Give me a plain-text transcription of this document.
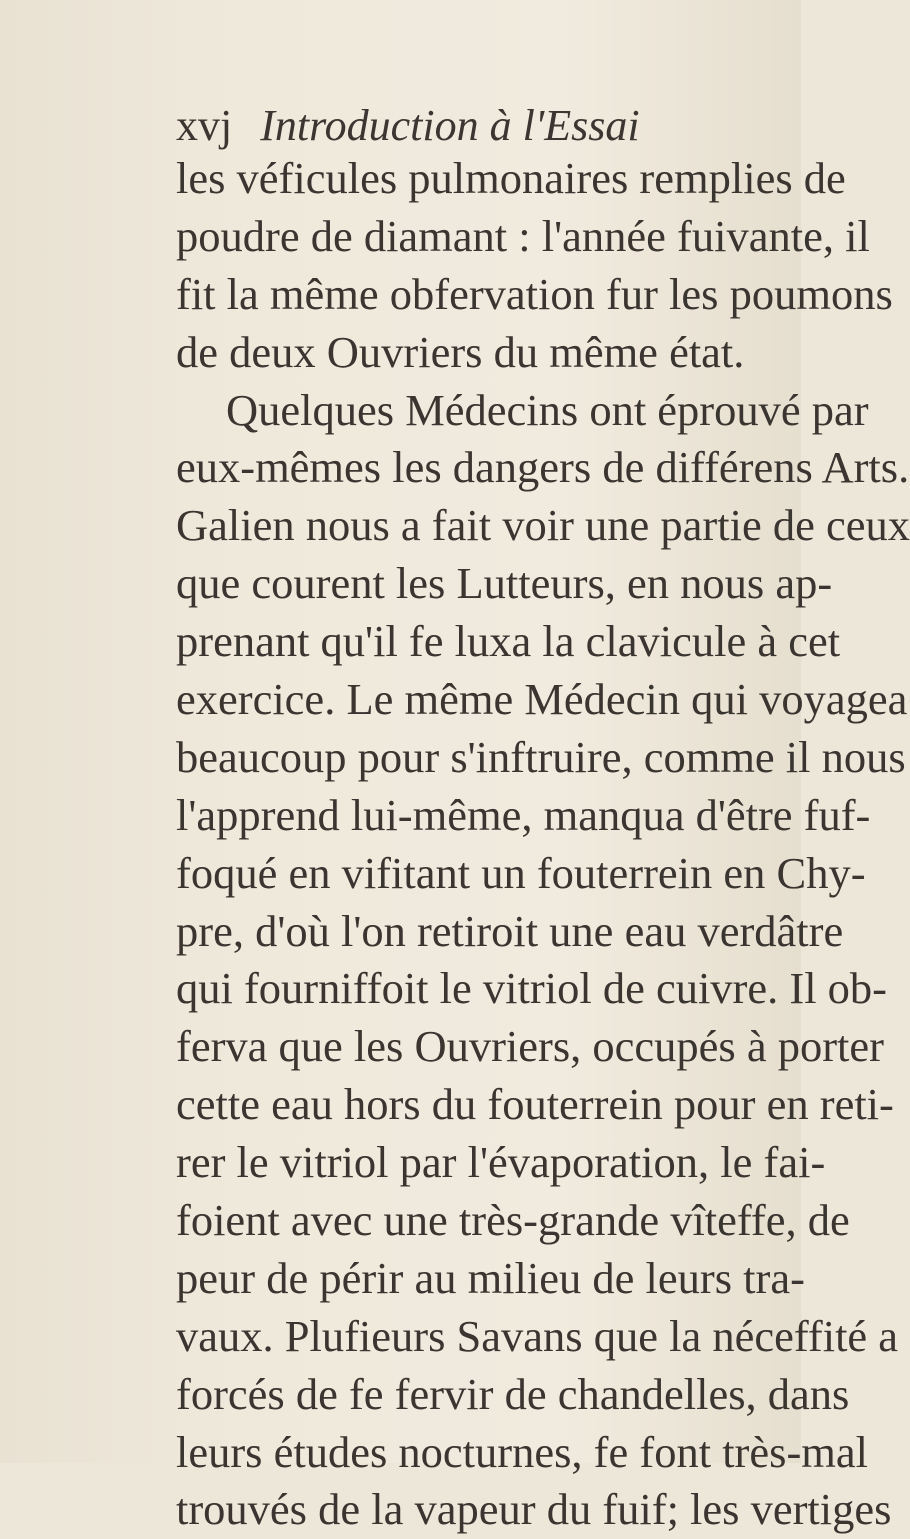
xvj Introduction à l'Essai
les véficules pulmonaires remplies de
poudre de diamant : l'année fuivante, il
fit la même obfervation fur les poumons
de deux Ouvriers du même état.
Quelques Médecins ont éprouvé par
eux-mêmes les dangers de différens Arts.
Galien nous a fait voir une partie de ceux
que courent les Lutteurs, en nous ap-
prenant qu'il fe luxa la clavicule à cet
exercice. Le même Médecin qui voyagea
beaucoup pour s'inftruire, comme il nous
l'apprend lui-même, manqua d'être fuf-
foqué en vifitant un fouterrein en Chy-
pre, d'où l'on retiroit une eau verdâtre
qui fourniffoit le vitriol de cuivre. Il ob-
ferva que les Ouvriers, occupés à porter
cette eau hors du fouterrein pour en reti-
rer le vitriol par l'évaporation, le fai-
foient avec une très-grande vîteffe, de
peur de périr au milieu de leurs tra-
vaux. Plufieurs Savans que la néceffité a
forcés de fe fervir de chandelles, dans
leurs études nocturnes, fe font très-mal
trouvés de la vapeur du fuif; les vertiges
